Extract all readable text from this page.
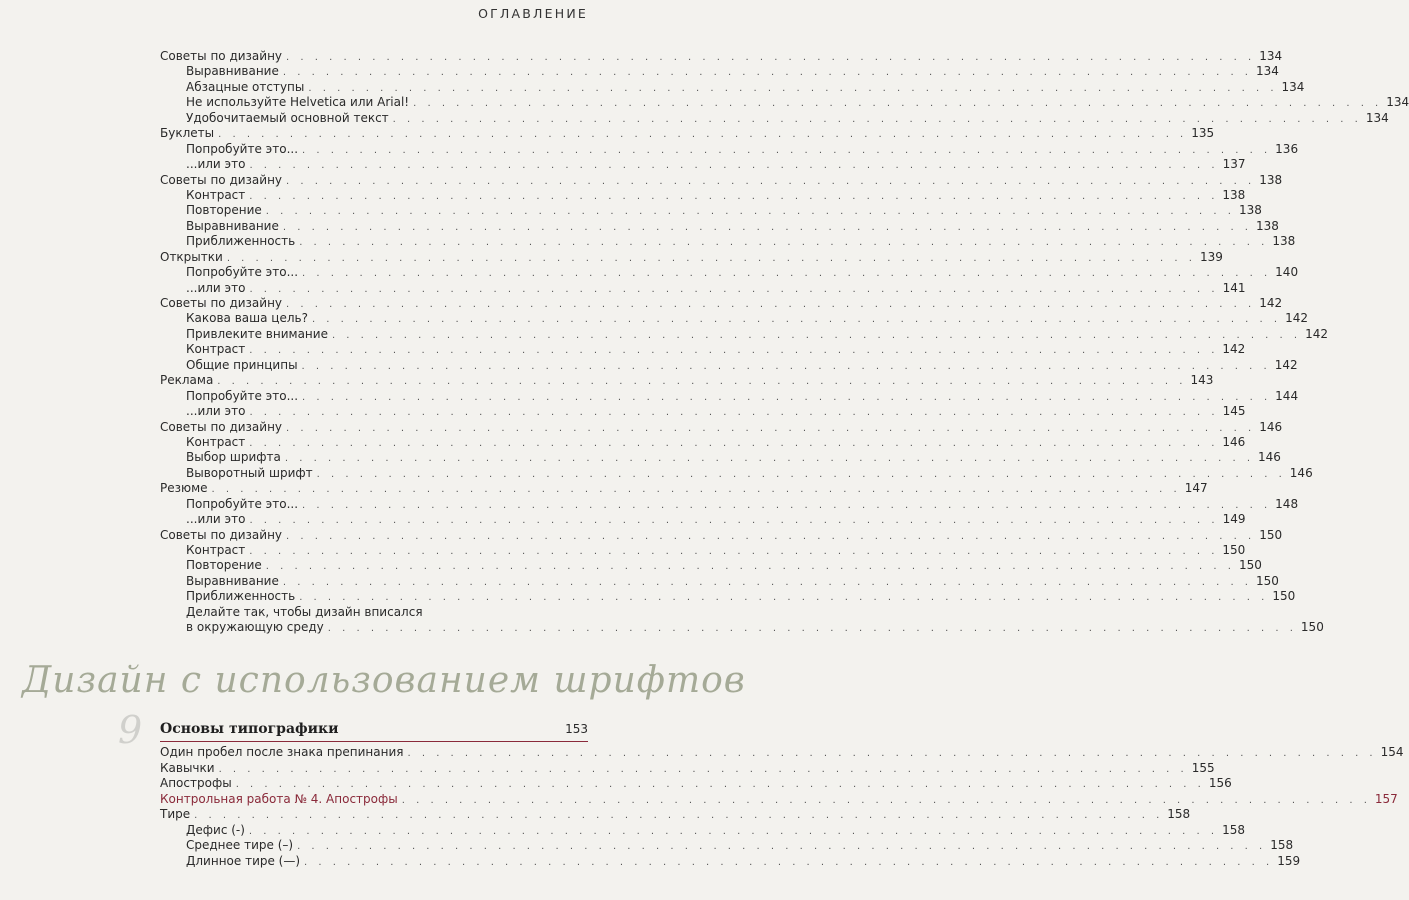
ОГЛАВЛЕНИЕ
Советы по дизайну . . .	134
Выравнивание . . .	134
Абзацные отступы . . .	134
Не используйте Helvetica или Arial! . . .	134
Удобочитаемый основной текст . . .	134
Буклеты . . .	135
Попробуйте это... . . .	136
...или это . . .	137
Советы по дизайну . . .	138
Контраст . . .	138
Повторение . . .	138
Выравнивание . . .	138
Приближенность . . .	138
Открытки . . .	139
Попробуйте это... . . .	140
...или это . . .	141
Советы по дизайну . . .	142
Какова ваша цель? . . .	142
Привлеките внимание . . .	142
Контраст . . .	142
Общие принципы . . .	142
Реклама . . .	143
Попробуйте это... . . .	144
...или это . . .	145
Советы по дизайну . . .	146
Контраст . . .	146
Выбор шрифта . . .	146
Выворотный шрифт . . .	146
Резюме . . .	147
Попробуйте это... . . .	148
...или это . . .	149
Советы по дизайну . . .	150
Контраст . . .	150
Повторение . . .	150
Выравнивание . . .	150
Приближенность . . .	150
Делайте так, чтобы дизайн вписался
в окружающую среду . . .	150
Дизайн с использованием шрифтов
9 Основы типографики	153
Один пробел после знака препинания . . .	154
Кавычки . . .	155
Апострофы . . .	156
Контрольная работа № 4. Апострофы . . .	157
Тире . . .	158
Дефис (-) . . .	158
Среднее тире (–) . . .	158
Длинное тире (—) . . .	159
